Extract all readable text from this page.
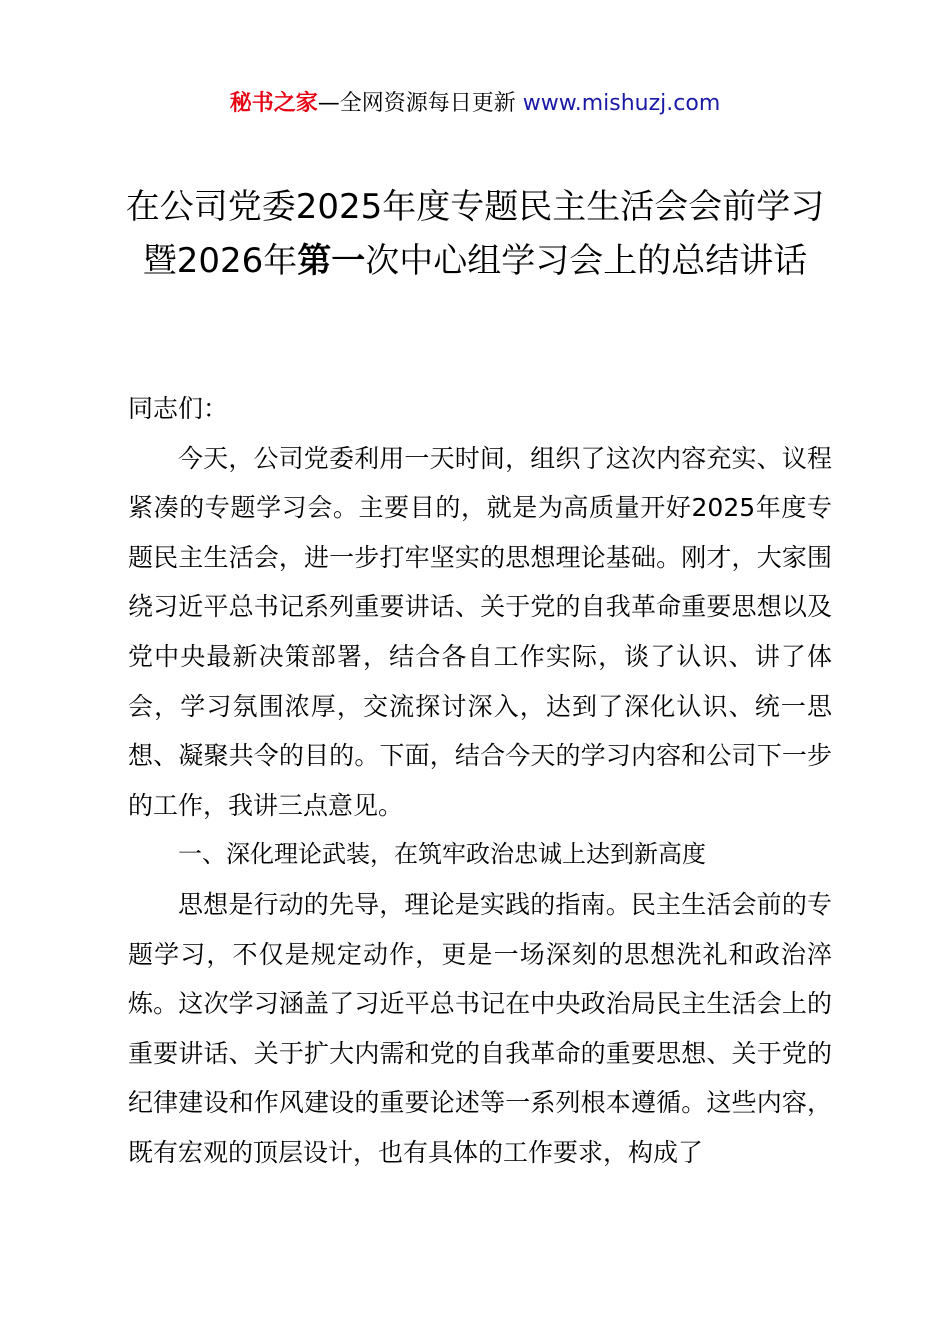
秘书之家—全网资源每日更新 www.mishuzj.com
在公司党委2025年度专题民主生活会会前学习暨2026年第一次中心组学习会上的总结讲话

同志们：

今天，公司党委利用一天时间，组织了这次内容充实、议程紧凑的专题学习会。主要目的，就是为高质量开好2025年度专题民主生活会，进一步打牢坚实的思想理论基础。刚才，大家围绕习近平总书记系列重要讲话、关于党的自我革命重要思想以及党中央最新决策部署，结合各自工作实际，谈了认识、讲了体会，学习氛围浓厚，交流探讨深入，达到了深化认识、统一思想、凝聚共令的目的。下面，结合今天的学习内容和公司下一步的工作，我讲三点意见。

一、深化理论武装，在筑牢政治忠诚上达到新高度

思想是行动的先导，理论是实践的指南。民主生活会前的专题学习，不仅是规定动作，更是一场深刻的思想洗礼和政治淬炼。这次学习涵盖了习近平总书记在中央政治局民主生活会上的重要讲话、关于扩大内需和党的自我革命的重要思想、关于党的纪律建设和作风建设的重要论述等一系列根本遵循。这些内容，既有宏观的顶层设计，也有具体的工作要求，构成了
